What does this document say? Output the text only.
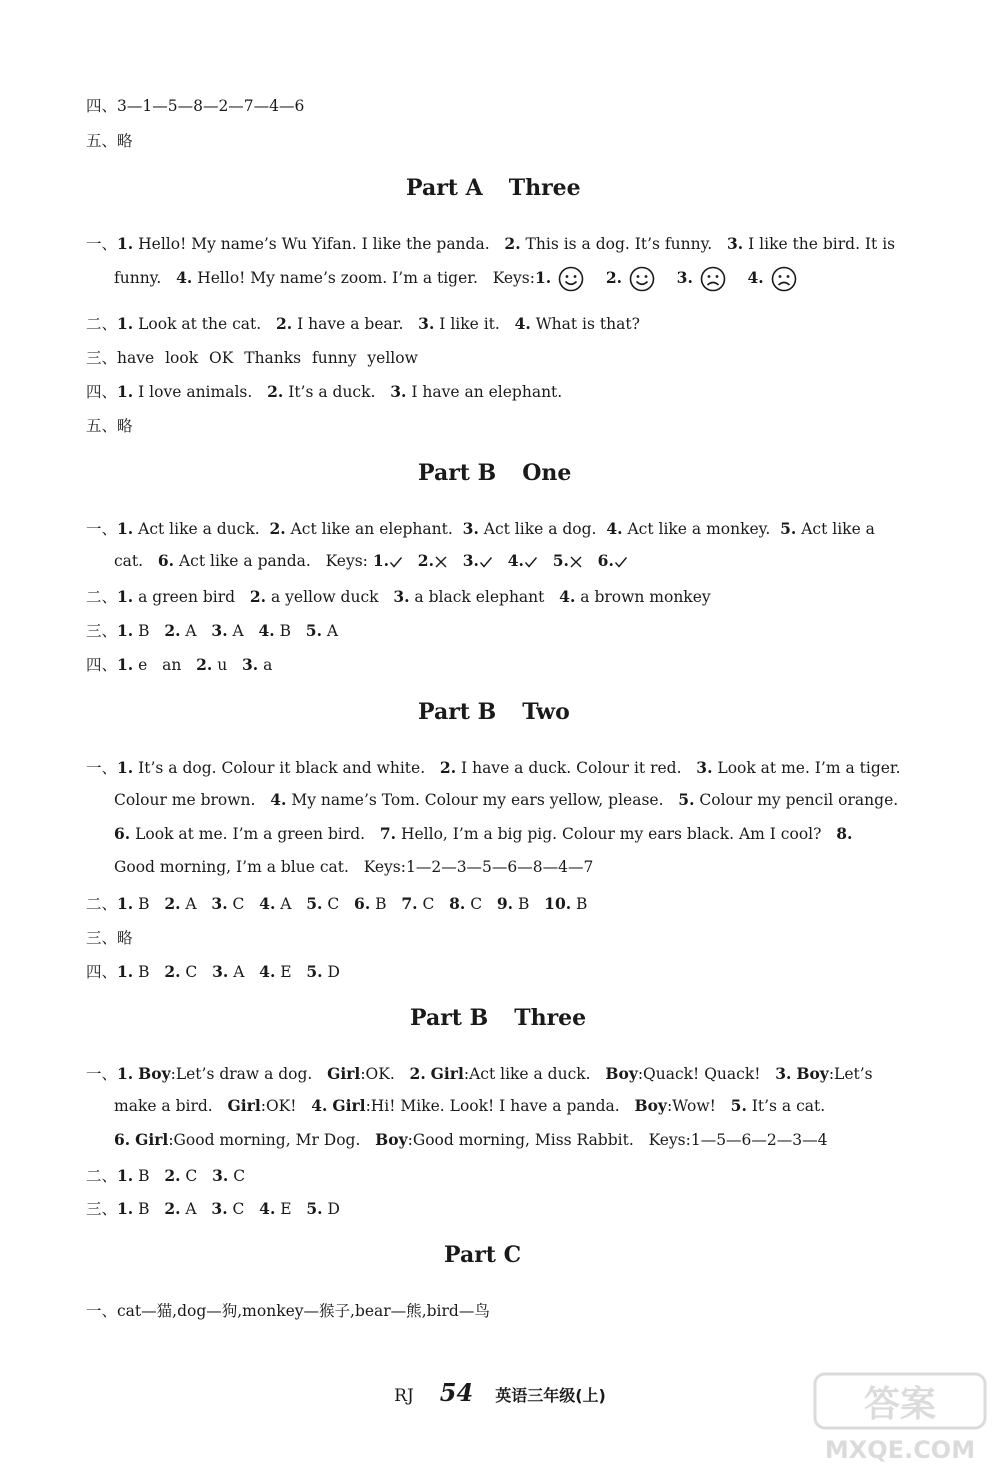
四、3—1—5—8—2—7—4—6
五、略
Part A Three
一、1. Hello! My name’s Wu Yifan. I like the panda. 2. This is a dog. It’s funny. 3. I like the bird. It is
funny. 4. Hello! My name’s zoom. I’m a tiger. Keys:1.	2.	3.	4.
二、1. Look at the cat. 2. I have a bear. 3. I like it. 4. What is that?
三、have look OK Thanks funny yellow
四、1. I love animals. 2. It’s a duck. 3. I have an elephant.
五、略
Part B One
一、1. Act like a duck. 2. Act like an elephant. 3. Act like a dog. 4. Act like a monkey. 5. Act like a
cat. 6. Act like a panda. Keys: 1. 2. 3. 4. 5. 6.
二、1. a green bird 2. a yellow duck 3. a black elephant 4. a brown monkey
三、1. B 2. A 3. A 4. B 5. A
四、1. e   an 2. u 3. a
Part B Two
一、1. It’s a dog. Colour it black and white. 2. I have a duck. Colour it red. 3. Look at me. I’m a tiger.
Colour me brown. 4. My name’s Tom. Colour my ears yellow, please. 5. Colour my pencil orange.
6. Look at me. I’m a green bird. 7. Hello, I’m a big pig. Colour my ears black. Am I cool? 8.
Good morning, I’m a blue cat. Keys:1—2—3—5—6—8—4—7
二、1. B 2. A 3. C 4. A 5. C 6. B 7. C 8. C 9. B 10. B
三、略
四、1. B 2. C 3. A 4. E 5. D
Part B Three
一、1. Boy:Let’s draw a dog. Girl:OK. 2. Girl:Act like a duck. Boy:Quack! Quack! 3. Boy:Let’s
make a bird. Girl:OK! 4. Girl:Hi! Mike. Look! I have a panda. Boy:Wow! 5. It’s a cat.
6. Girl:Good morning, Mr Dog. Boy:Good morning, Miss Rabbit. Keys:1—5—6—2—3—4
二、1. B 2. C 3. C
三、1. B 2. A 3. C 4. E 5. D
Part C
一、cat—猫,dog—狗,monkey—猴子,bear—熊,bird—鸟
RJ 54 英语三年级(上)	答案
MXQE.COM
